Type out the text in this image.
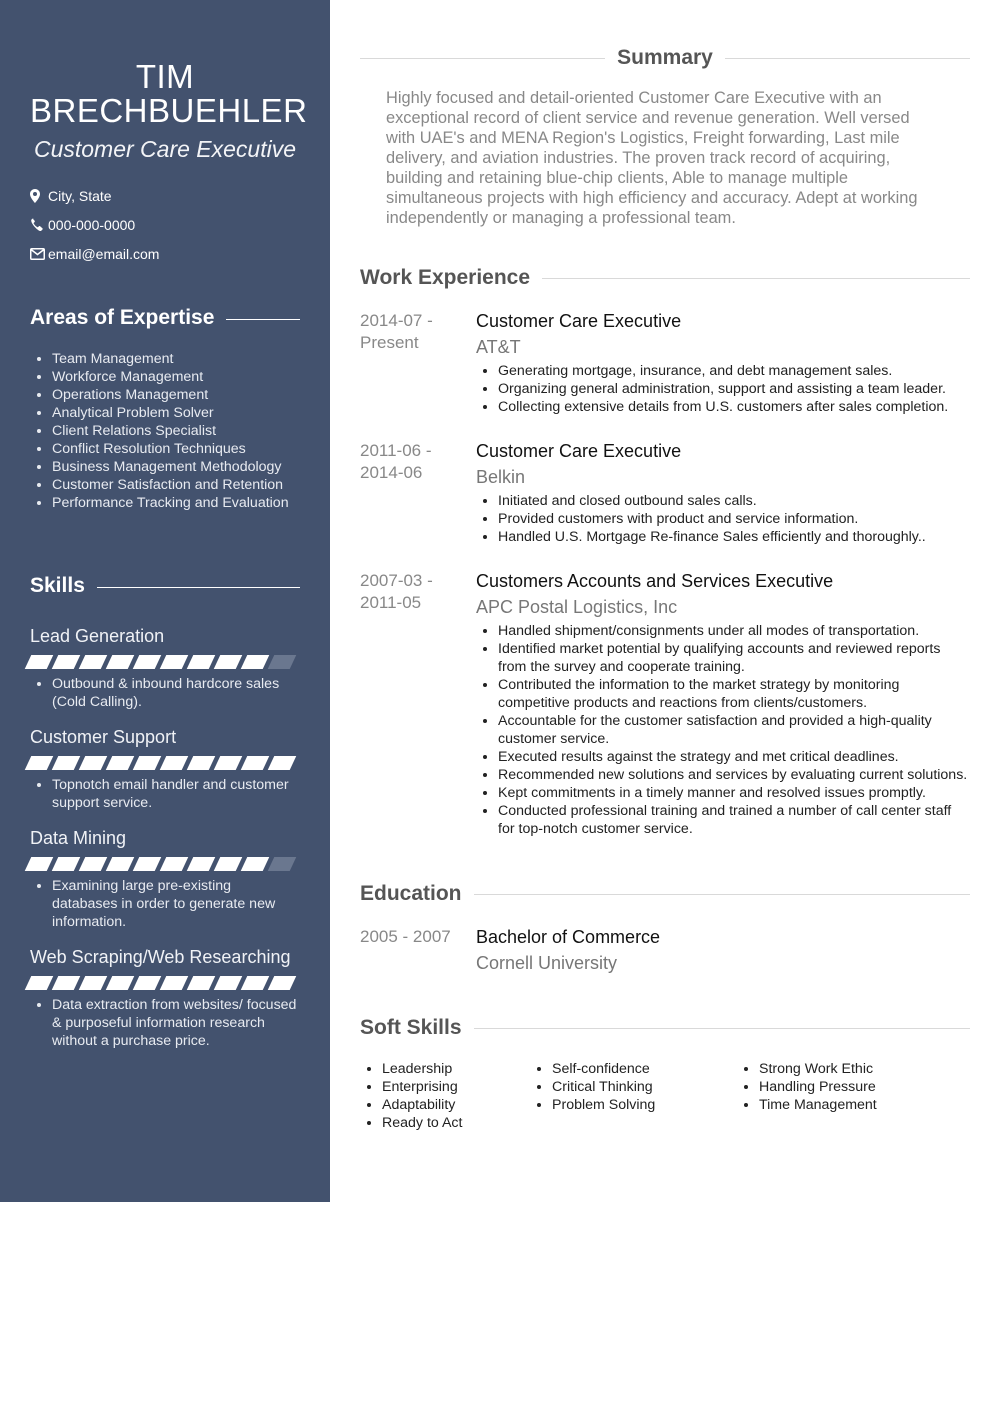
TIM
BRECHBUEHLER
Customer Care Executive
City, State
000-000-0000
email@email.com
Areas of Expertise
• Team Management
• Workforce Management
• Operations Management
• Analytical Problem Solver
• Client Relations Specialist
• Conflict Resolution Techniques
• Business Management Methodology
• Customer Satisfaction and Retention
• Performance Tracking and Evaluation
Skills
Lead Generation
• Outbound & inbound hardcore sales (Cold Calling).
Customer Support
• Topnotch email handler and customer support service.
Data Mining
• Examining large pre-existing databases in order to generate new information.
Web Scraping/Web Researching
• Data extraction from websites/ focused & purposeful information research without a purchase price.
Summary
Highly focused and detail-oriented Customer Care Executive with an exceptional record of client service and revenue generation. Well versed with UAE's and MENA Region's Logistics, Freight forwarding, Last mile delivery, and aviation industries. The proven track record of acquiring, building and retaining blue-chip clients, Able to manage multiple simultaneous projects with high efficiency and accuracy. Adept at working independently or managing a professional team.
Work Experience
2014-07 -
Present
Customer Care Executive
AT&T
• Generating mortgage, insurance, and debt management sales.
• Organizing general administration, support and assisting a team leader.
• Collecting extensive details from U.S. customers after sales completion.
2011-06 -
2014-06
Customer Care Executive
Belkin
• Initiated and closed outbound sales calls.
• Provided customers with product and service information.
• Handled U.S. Mortgage Re-finance Sales efficiently and thoroughly..
2007-03 -
2011-05
Customers Accounts and Services Executive
APC Postal Logistics, Inc
• Handled shipment/consignments under all modes of transportation.
• Identified market potential by qualifying accounts and reviewed reports from the survey and cooperate training.
• Contributed the information to the market strategy by monitoring competitive products and reactions from clients/customers.
• Accountable for the customer satisfaction and provided a high-quality customer service.
• Executed results against the strategy and met critical deadlines.
• Recommended new solutions and services by evaluating current solutions.
• Kept commitments in a timely manner and resolved issues promptly.
• Conducted professional training and trained a number of call center staff for top-notch customer service.
Education
2005 - 2007	Bachelor of Commerce
Cornell University
Soft Skills
• Leadership
• Enterprising
• Adaptability
• Ready to Act
• Self-confidence
• Critical Thinking
• Problem Solving
• Strong Work Ethic
• Handling Pressure
• Time Management
